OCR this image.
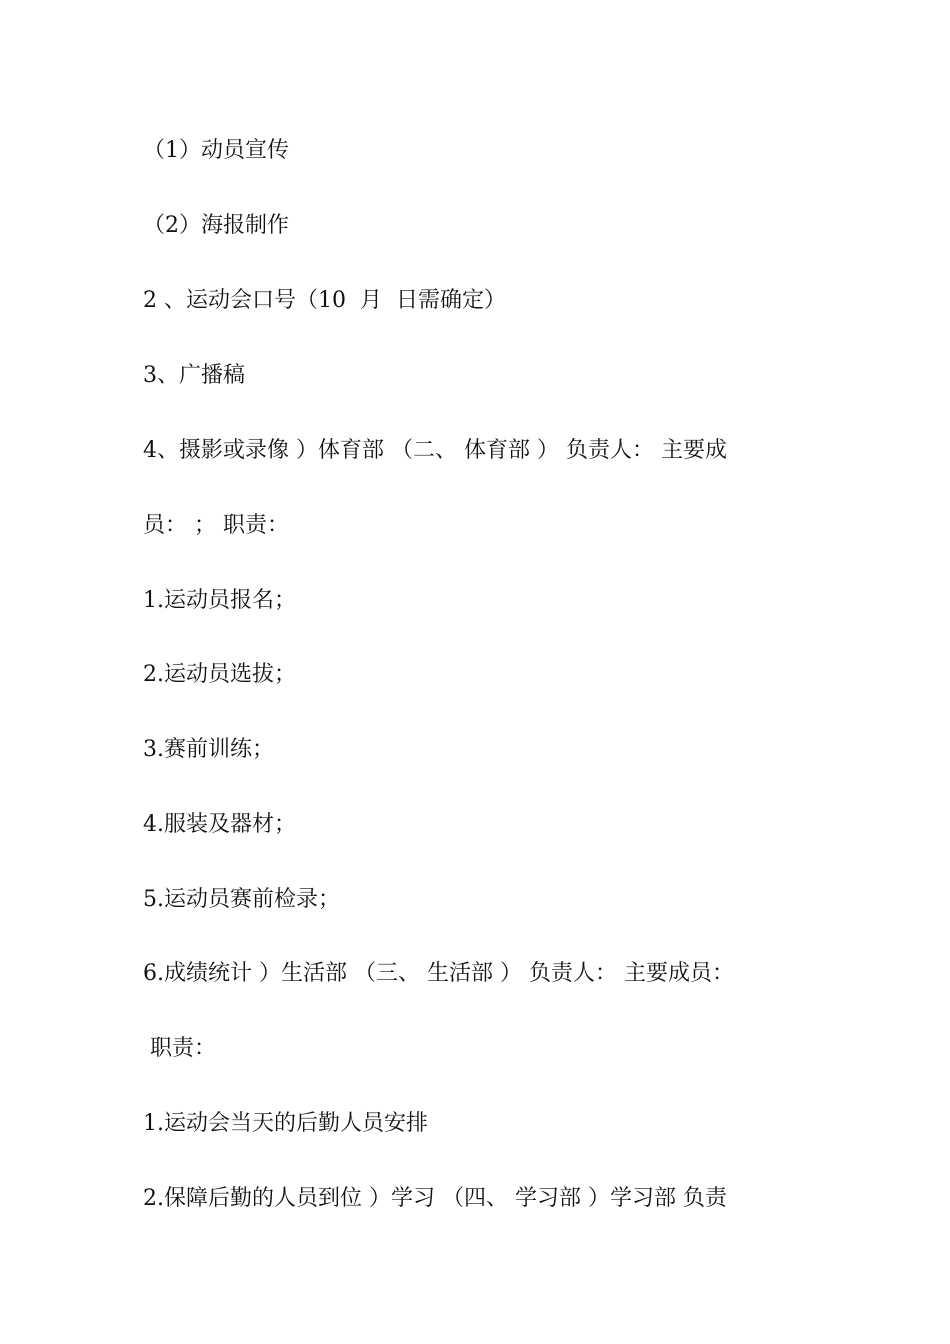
（1）动员宣传
（2）海报制作
2 、运动会口号（10  月  日需确定）
3、广播稿
4、摄影或录像 ）体育部 （二、 体育部 ） 负责人： 主要成
员： ； 职责：
1.运动员报名；
2.运动员选拔；
3.赛前训练；
4.服装及器材；
5.运动员赛前检录；
6.成绩统计 ）生活部 （三、 生活部 ） 负责人： 主要成员：
职责：
1.运动会当天的后勤人员安排
2.保障后勤的人员到位 ）学习 （四、 学习部 ）学习部 负责
